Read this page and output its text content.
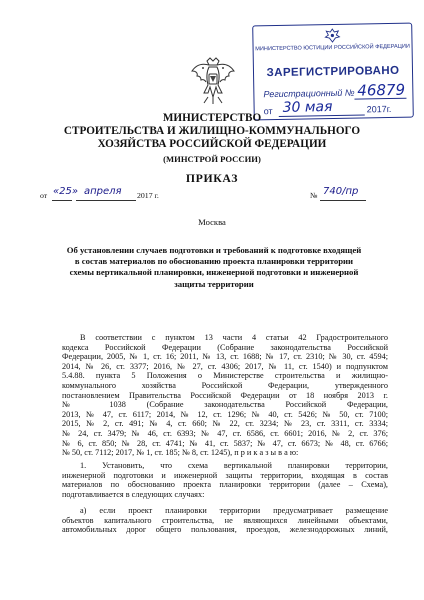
МИНИСТЕРСТВО ЮСТИЦИИ РОССИЙСКОЙ ФЕДЕРАЦИИ
ЗАРЕГИСТРИРОВАНО
Регистрационный № 46879
от 30 мая	2017г.
МИНИСТЕРСТВО
СТРОИТЕЛЬСТВА И ЖИЛИЩНО-КОММУНАЛЬНОГО
ХОЗЯЙСТВА РОССИЙСКОЙ ФЕДЕРАЦИИ
(МИНСТРОЙ РОССИИ)
ПРИКАЗ
от «25» апреля 2017 г.	№ 740/пр
Москва
Об установлении случаев подготовки и требований к подготовке входящей
в состав материалов по обоснованию проекта планировки территории
схемы вертикальной планировки, инженерной подготовки и инженерной
защиты территории
В соответствии с пунктом 13 части 4 статьи 42 Градостроительного
кодекса Российской Федерации (Собрание законодательства Российской
Федерации, 2005, № 1, ст. 16; 2011, № 13, ст. 1688; № 17, ст. 2310; № 30, ст. 4594;
2014, № 26, ст. 3377; 2016, № 27, ст. 4306; 2017, № 11, ст. 1540) и подпунктом
5.4.88. пункта 5 Положения о Министерстве строительства и жилищно-
коммунального хозяйства Российской Федерации, утвержденного
постановлением Правительства Российской Федерации от 18 ноября 2013 г.
№ 1038 (Собрание законодательства Российской Федерации,
2013, № 47, ст. 6117; 2014, № 12, ст. 1296; № 40, ст. 5426; № 50, ст. 7100;
2015, № 2, ст. 491; № 4, ст. 660; № 22, ст. 3234; № 23, ст. 3311, ст. 3334;
№ 24, ст. 3479; № 46, ст. 6393; № 47, ст. 6586, ст. 6601; 2016, № 2, ст. 376;
№ 6, ст. 850; № 28, ст. 4741; № 41, ст. 5837; № 47, ст. 6673; № 48, ст. 6766;
№ 50, ст. 7112; 2017, № 1, ст. 185; № 8, ст. 1245), п р и к а з ы в а ю:
1. Установить, что схема вертикальной планировки территории,
инженерной подготовки и инженерной защиты территории, входящая в состав
материалов по обоснованию проекта планировки территории (далее – Схема),
подготавливается в следующих случаях:
а) если проект планировки территории предусматривает размещение
объектов капитального строительства, не являющихся линейными объектами,
автомобильных дорог общего пользования, проездов, железнодорожных линий,
